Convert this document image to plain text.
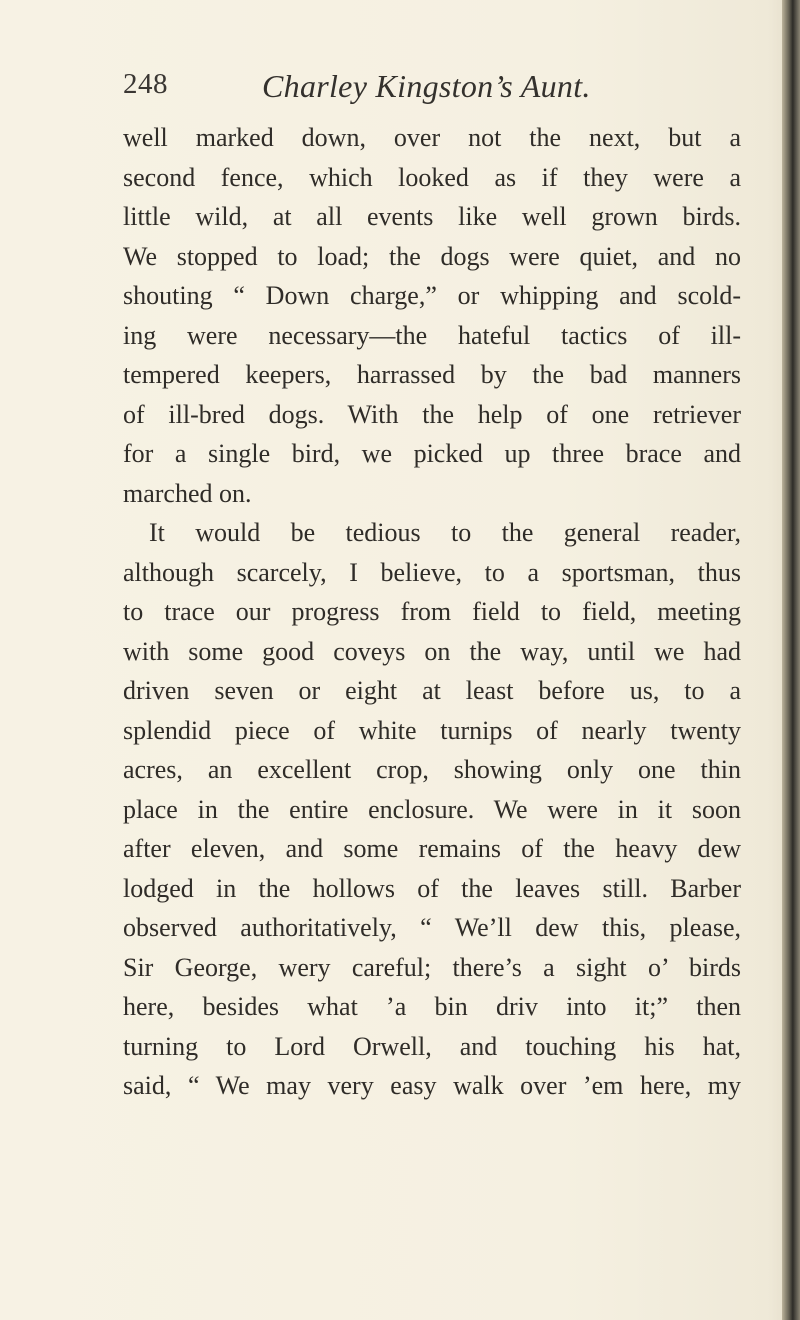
248	Charley Kingston’s Aunt.
well marked down, over not the next, but a
second fence, which looked as if they were a
little wild, at all events like well grown birds.
We stopped to load; the dogs were quiet, and no
shouting “ Down charge,” or whipping and scold-
ing were necessary—the hateful tactics of ill-
tempered keepers, harrassed by the bad manners
of ill-bred dogs. With the help of one retriever
for a single bird, we picked up three brace and
marched on.
It would be tedious to the general reader,
although scarcely, I believe, to a sportsman, thus
to trace our progress from field to field, meeting
with some good coveys on the way, until we had
driven seven or eight at least before us, to a
splendid piece of white turnips of nearly twenty
acres, an excellent crop, showing only one thin
place in the entire enclosure. We were in it soon
after eleven, and some remains of the heavy dew
lodged in the hollows of the leaves still. Barber
observed authoritatively, “ We’ll dew this, please,
Sir George, wery careful; there’s a sight o’ birds
here, besides what ’a bin driv into it;” then
turning to Lord Orwell, and touching his hat,
said, “ We may very easy walk over ’em here, my
